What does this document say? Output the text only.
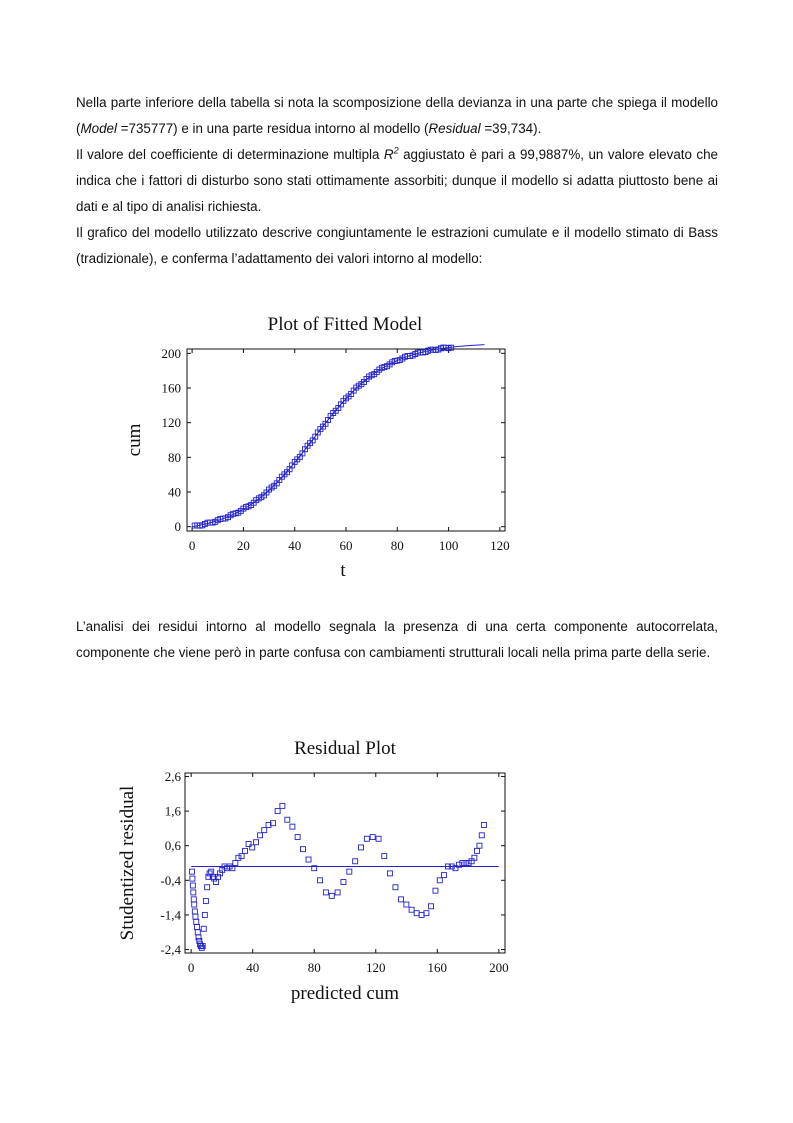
Nella parte inferiore della tabella si nota la scomposizione della devianza in una parte che spiega il modello (Model =735777) e in una parte residua intorno al modello (Residual =39,734).

Il valore del coefficiente di determinazione multipla $R^2$ aggiustato è pari a 99,9887%, un valore elevato che indica che i fattori di disturbo sono stati ottimamente assorbiti; dunque il modello si adatta piuttosto bene ai dati e al tipo di analisi richiesta.

Il grafico del modello utilizzato descrive congiuntamente le estrazioni cumulate e il modello stimato di Bass (tradizionale), e conferma l’adattamento dei valori intorno al modello:

L’analisi dei residui intorno al modello segnala la presenza di una certa componente autocorrelata, componente che viene però in parte confusa con cambiamenti strutturali locali nella prima parte della serie.

Plot of Fitted Model
Residual Plot
0	20	40	60	80	100 120
0
40
80
120
160
200
t
cum
0	40	80	120	160	200
2,6
1,6
0,6
-0,4
-1,4
-2,4
predicted cum
Studentized residual
